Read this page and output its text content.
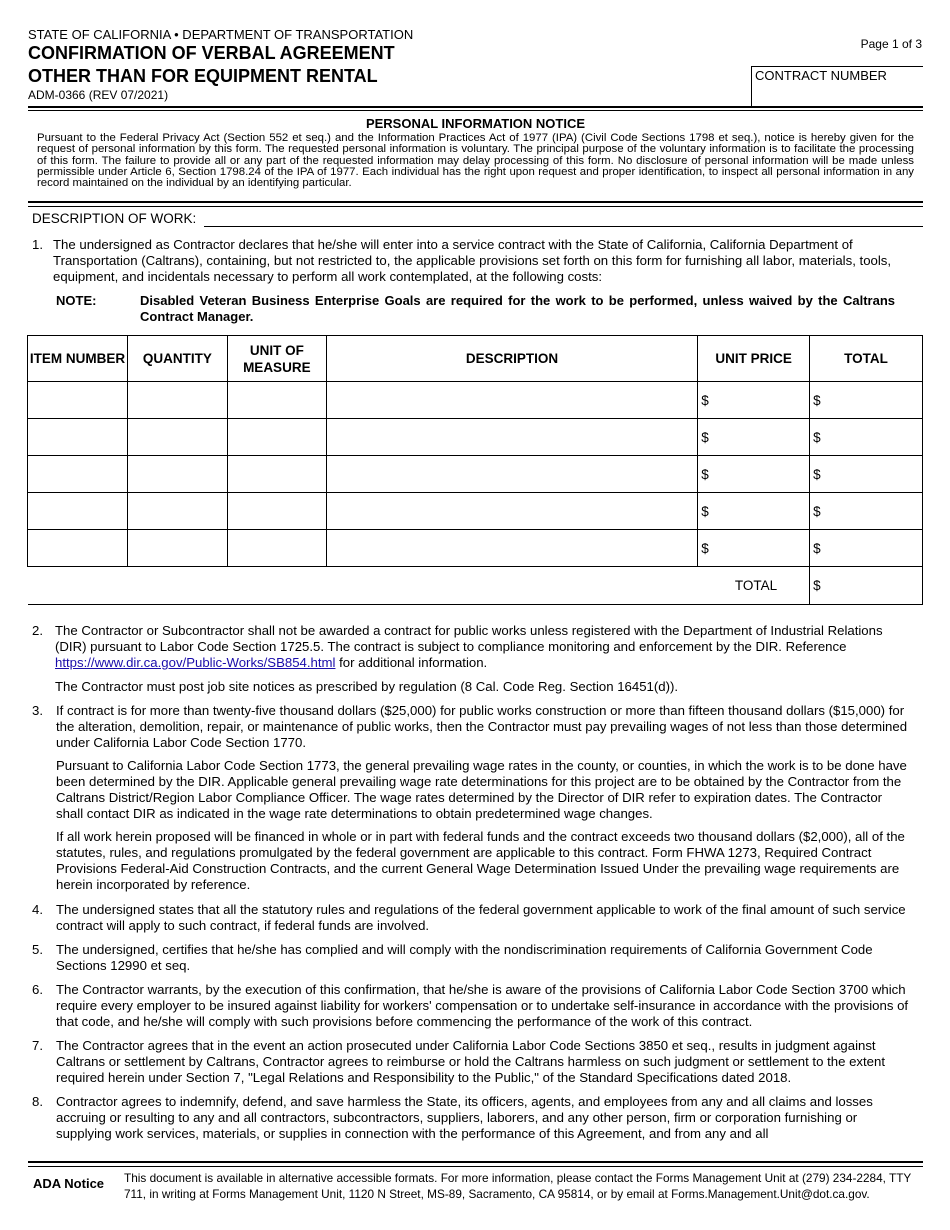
STATE OF CALIFORNIA • DEPARTMENT OF TRANSPORTATION
CONFIRMATION OF VERBAL AGREEMENT
OTHER THAN FOR EQUIPMENT RENTAL
ADM-0366 (REV 07/2021)
Page 1 of 3
CONTRACT NUMBER
PERSONAL INFORMATION NOTICE
Pursuant to the Federal Privacy Act (Section 552 et seq.) and the Information Practices Act of 1977 (IPA) (Civil Code Sections 1798 et seq.), notice is hereby given for the request of personal information by this form. The requested personal information is voluntary. The principal purpose of the voluntary information is to facilitate the processing of this form. The failure to provide all or any part of the requested information may delay processing of this form. No disclosure of personal information will be made unless permissible under Article 6, Section 1798.24 of the IPA of 1977. Each individual has the right upon request and proper identification, to inspect all personal information in any record maintained on the individual by an identifying particular.
DESCRIPTION OF WORK:
1. The undersigned as Contractor declares that he/she will enter into a service contract with the State of California, California Department of Transportation (Caltrans), containing, but not restricted to, the applicable provisions set forth on this form for furnishing all labor, materials, tools, equipment, and incidentals necessary to perform all work contemplated, at the following costs:
NOTE:	Disabled Veteran Business Enterprise Goals are required for the work to be performed, unless waived by the Caltrans Contract Manager.
ITEM NUMBER	QUANTITY	UNIT OF MEASURE	DESCRIPTION	UNIT PRICE	TOTAL
				$	$
				$	$
				$	$
				$	$
				$	$
TOTAL					$
2. The Contractor or Subcontractor shall not be awarded a contract for public works unless registered with the Department of Industrial Relations (DIR) pursuant to Labor Code Section 1725.5. The contract is subject to compliance monitoring and enforcement by the DIR. Reference https://www.dir.ca.gov/Public-Works/SB854.html for additional information.
The Contractor must post job site notices as prescribed by regulation (8 Cal. Code Reg. Section 16451(d)).
3. If contract is for more than twenty-five thousand dollars ($25,000) for public works construction or more than fifteen thousand dollars ($15,000) for the alteration, demolition, repair, or maintenance of public works, then the Contractor must pay prevailing wages of not less than those determined under California Labor Code Section 1770.
Pursuant to California Labor Code Section 1773, the general prevailing wage rates in the county, or counties, in which the work is to be done have been determined by the DIR. Applicable general prevailing wage rate determinations for this project are to be obtained by the Contractor from the Caltrans District/Region Labor Compliance Officer. The wage rates determined by the Director of DIR refer to expiration dates. The Contractor shall contact DIR as indicated in the wage rate determinations to obtain predetermined wage changes.
If all work herein proposed will be financed in whole or in part with federal funds and the contract exceeds two thousand dollars ($2,000), all of the statutes, rules, and regulations promulgated by the federal government are applicable to this contract. Form FHWA 1273, Required Contract Provisions Federal-Aid Construction Contracts, and the current General Wage Determination Issued Under the prevailing wage requirements are herein incorporated by reference.
4. The undersigned states that all the statutory rules and regulations of the federal government applicable to work of the final amount of such service contract will apply to such contract, if federal funds are involved.
5. The undersigned, certifies that he/she has complied and will comply with the nondiscrimination requirements of California Government Code Sections 12990 et seq.
6. The Contractor warrants, by the execution of this confirmation, that he/she is aware of the provisions of California Labor Code Section 3700 which require every employer to be insured against liability for workers' compensation or to undertake self-insurance in accordance with the provisions of that code, and he/she will comply with such provisions before commencing the performance of the work of this contract.
7. The Contractor agrees that in the event an action prosecuted under California Labor Code Sections 3850 et seq., results in judgment against Caltrans or settlement by Caltrans, Contractor agrees to reimburse or hold the Caltrans harmless on such judgment or settlement to the extent required herein under Section 7, "Legal Relations and Responsibility to the Public," of the Standard Specifications dated 2018.
8. Contractor agrees to indemnify, defend, and save harmless the State, its officers, agents, and employees from any and all claims and losses accruing or resulting to any and all contractors, subcontractors, suppliers, laborers, and any other person, firm or corporation furnishing or supplying work services, materials, or supplies in connection with the performance of this Agreement, and from any and all
ADA Notice This document is available in alternative accessible formats. For more information, please contact the Forms Management Unit at (279) 234-2284, TTY 711, in writing at Forms Management Unit, 1120 N Street, MS-89, Sacramento, CA 95814, or by email at Forms.Management.Unit@dot.ca.gov.
